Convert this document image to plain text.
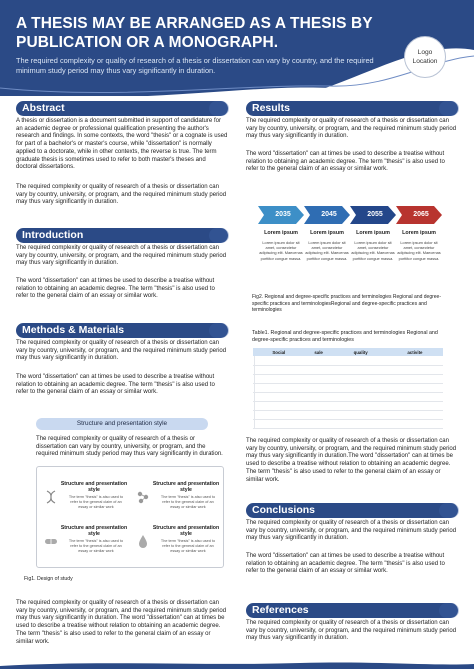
A THESIS MAY BE ARRANGED AS A THESIS BY PUBLICATION OR A MONOGRAPH.
The required complexity or quality of research of a thesis or dissertation can vary by country, and the required minimum study period may thus vary significantly in duration.
Logo
Location
Abstract
A thesis or dissertation is a document submitted in support of candidature for an academic degree or professional qualification presenting the author's research and findings. In some contexts, the word "thesis" or a cognate is used for part of a bachelor's or master's course, while "dissertation" is normally applied to a doctorate, while in other contexts, the reverse is true. The term graduate thesis is sometimes used to refer to both master's theses and doctoral dissertations.
The required complexity or quality of research of a thesis or dissertation can vary by country, university, or program, and the required minimum study period may thus vary significantly in duration.
Introduction
The required complexity or quality of research of a thesis or dissertation can vary by country, university, or program, and the required minimum study period may thus vary significantly in duration.
The word "dissertation" can at times be used to describe a treatise without relation to obtaining an academic degree. The term "thesis" is also used to refer to the general claim of an essay or similar work.
Methods & Materials
The required complexity or quality of research of a thesis or dissertation can vary by country, university, or program, and the required minimum study period may thus vary significantly in duration.
The word "dissertation" can at times be used to describe a treatise without relation to obtaining an academic degree. The term "thesis" is also used to refer to the general claim of an essay or similar work.
Structure and presentation style
The required complexity or quality of research of a thesis or dissertation can vary by country, university, or program, and the required minimum study period may thus vary significantly in duration.
Structure and presentation style
The term "thesis" is also used to refer to the general claim of an essay or similar work
Structure and presentation style
The term "thesis" is also used to refer to the general claim of an essay or similar work
Structure and presentation style
The term "thesis" is also used to refer to the general claim of an essay or similar work
Structure and presentation style
The term "thesis" is also used to refer to the general claim of an essay or similar work
Fig1. Design of study
The required complexity or quality of research of a thesis or dissertation can vary by country, university, or program, and the required minimum study period may thus vary significantly in duration. The word "dissertation" can at times be used to describe a treatise without relation to obtaining an academic degree. The term "thesis" is also used to refer to the general claim of an essay or similar work.
Results
The required complexity or quality of research of a thesis or dissertation can vary by country, university, or program, and the required minimum study period may thus vary significantly in duration.
The word "dissertation" can at times be used to describe a treatise without relation to obtaining an academic degree. The term "thesis" is also used to refer to the general claim of an essay or similar work.
2035	2045	2055	2065
Lorem ipsum	Lorem ipsum	Lorem ipsum	Lorem ipsum
Lorem ipsum dolor sit amet, consectetur adipiscing elit. Maecenas porttitor congue massa.
Lorem ipsum dolor sit amet, consectetur adipiscing elit. Maecenas porttitor congue massa.
Lorem ipsum dolor sit amet, consectetur adipiscing elit. Maecenas porttitor congue massa.
Lorem ipsum dolor sit amet, consectetur adipiscing elit. Maecenas porttitor congue massa.
Fig2. Regional and degree-specific practices and terminologies Regional and degree-specific practices and terminologiesRegional and degree-specific practices and terminologies
Table1. Regional and degree-specific practices and terminologies Regional and degree-specific practices and terminologies
	Social	sale	quality	activite

The required complexity or quality of research of a thesis or dissertation can vary by country, university, or program, and the required minimum study period may thus vary significantly in duration.The word "dissertation" can at times be used to describe a treatise without relation to obtaining an academic degree. The term "thesis" is also used to refer to the general claim of an essay or similar work.
Conclusions
The required complexity or quality of research of a thesis or dissertation can vary by country, university, or program, and the required minimum study period may thus vary significantly in duration.
The word "dissertation" can at times be used to describe a treatise without relation to obtaining an academic degree. The term "thesis" is also used to refer to the general claim of an essay or similar work.
References
The required complexity or quality of research of a thesis or dissertation can vary by country, university, or program, and the required minimum study period may thus vary significantly in duration.
